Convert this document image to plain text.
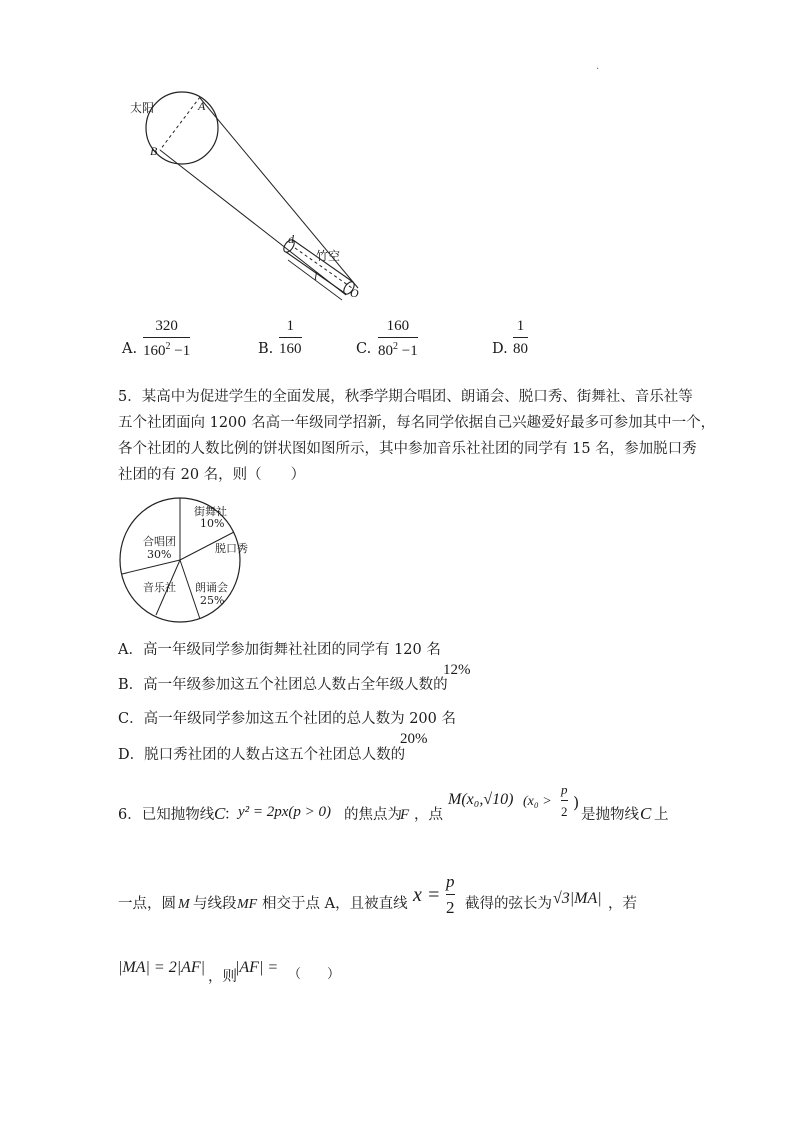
.
太阳	A
B
d
竹空
l
O
A.
320
$160^2 -1$	B.
1
160	C.
160
$80^2 -1$	D.
1
80
5．某高中为促进学生的全面发展，秋季学期合唱团、朗诵会、脱口秀、街舞社、音乐社等
五个社团面向 1200 名高一年级同学招新，每名同学依据自己兴趣爱好最多可参加其中一个，
各个社团的人数比例的饼状图如图所示，其中参加音乐社社团的同学有 15 名，参加脱口秀
社团的有 20 名，则（　　）
街舞社
10%
脱口秀
朗诵会
25%
音乐社
合唱团
30%
A．高一年级同学参加街舞社社团的同学有 120 名
B．高一年级参加这五个社团总人数占全年级人数的
12%
C．高一年级同学参加这五个社团的总人数为 200 名
D．脱口秀社团的人数占这五个社团总人数的
20%
6．已知抛物线 C
： y² = 2px(p > 0) 的焦点为
F ，点
M(x₀,√10) (x₀ >
p
2 )
是抛物线 C 上
一点，圆 M 与线段 MF 相交于点 A，且被直线 x =
p
2 截得的弦长为 √3|MA| ，若
|MA| = 2|AF|
，则
|AF| = （　　）
